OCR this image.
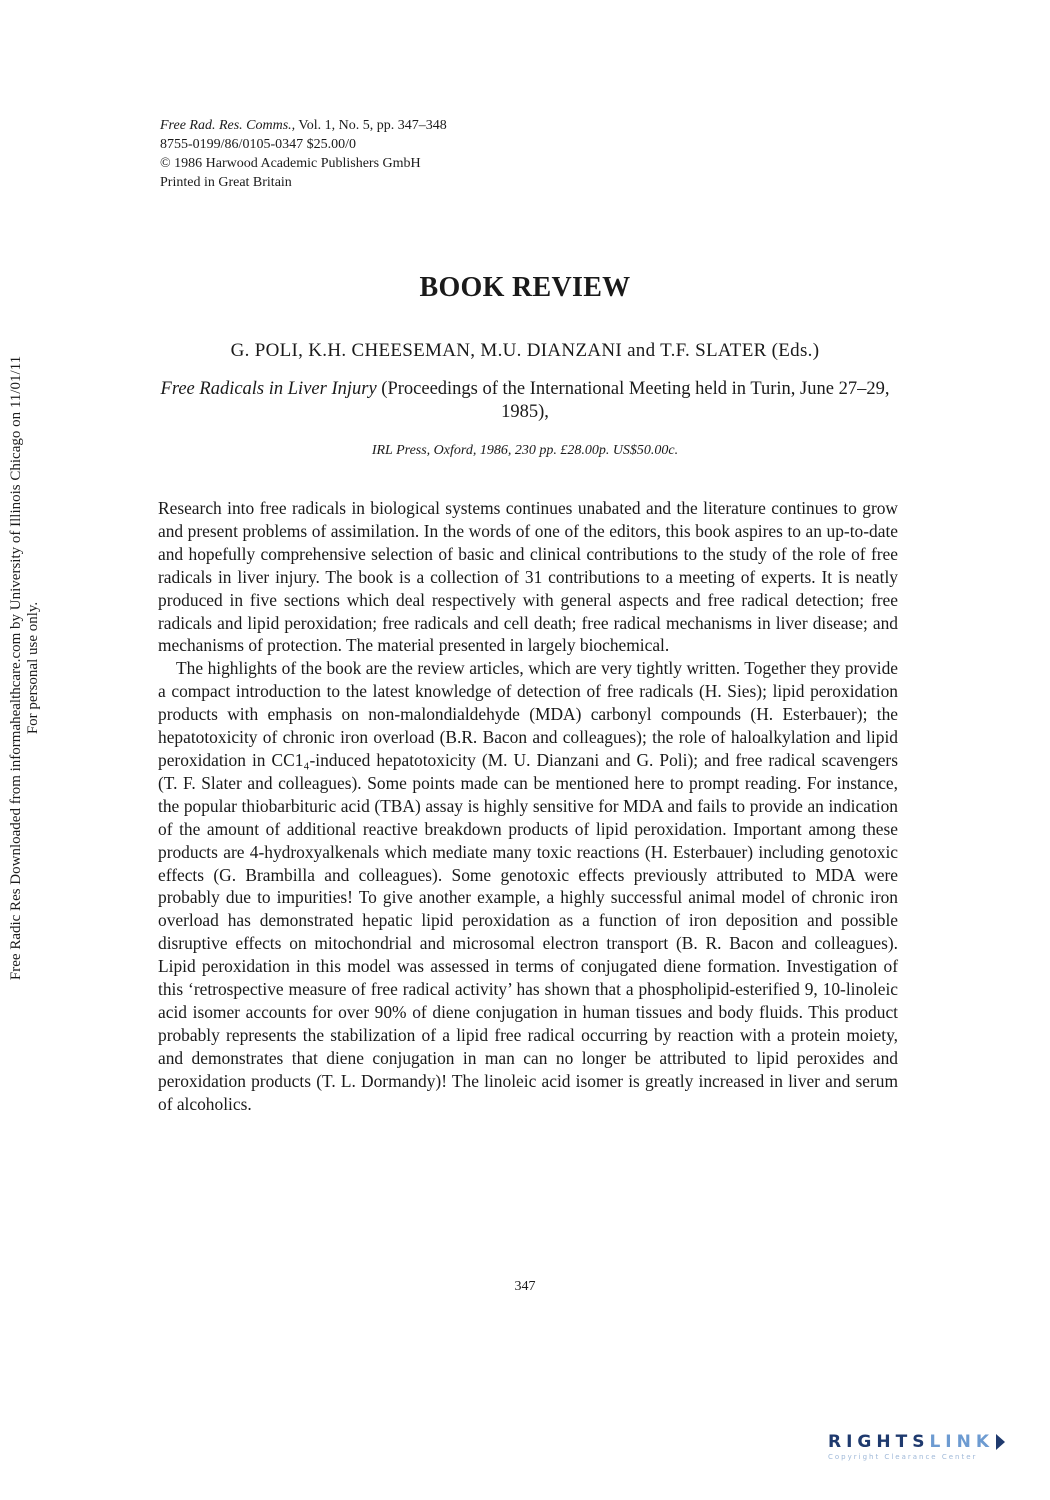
Free Rad. Res. Comms., Vol. 1, No. 5, pp. 347–348
8755-0199/86/0105-0347 $25.00/0
© 1986 Harwood Academic Publishers GmbH
Printed in Great Britain
Free Radic Res Downloaded from informahealthcare.com by University of Illinois Chicago on 11/01/11 For personal use only.
BOOK REVIEW
G. POLI, K.H. CHEESEMAN, M.U. DIANZANI and T.F. SLATER (Eds.)
Free Radicals in Liver Injury (Proceedings of the International Meeting held in Turin, June 27–29, 1985),
IRL Press, Oxford, 1986, 230 pp. £28.00p. US$50.00c.

Research into free radicals in biological systems continues unabated and the literature continues to grow and present problems of assimilation. In the words of one of the editors, this book aspires to an up-to-date and hopefully comprehensive selection of basic and clinical contributions to the study of the role of free radicals in liver injury. The book is a collection of 31 contributions to a meeting of experts. It is neatly produced in five sections which deal respectively with general aspects and free radical detection; free radicals and lipid peroxidation; free radicals and cell death; free radical mechanisms in liver disease; and mechanisms of protection. The material presented in largely biochemical.

The highlights of the book are the review articles, which are very tightly written. Together they provide a compact introduction to the latest knowledge of detection of free radicals (H. Sies); lipid peroxidation products with emphasis on non-malondialdehyde (MDA) carbonyl compounds (H. Esterbauer); the hepatotoxicity of chronic iron overload (B.R. Bacon and colleagues); the role of haloalkylation and lipid peroxidation in CC1₄-induced hepatotoxicity (M. U. Dianzani and G. Poli); and free radical scavengers (T. F. Slater and colleagues). Some points made can be mentioned here to prompt reading. For instance, the popular thiobarbituric acid (TBA) assay is highly sensitive for MDA and fails to provide an indication of the amount of additional reactive breakdown products of lipid peroxidation. Important among these products are 4-hydroxyalkenals which mediate many toxic reactions (H. Esterbauer) including genotoxic effects (G. Brambilla and colleagues). Some genotoxic effects previously attributed to MDA were probably due to impurities! To give another example, a highly successful animal model of chronic iron overload has demonstrated hepatic lipid peroxidation as a function of iron deposition and possible disruptive effects on mitochondrial and microsomal electron transport (B. R. Bacon and colleagues). Lipid peroxidation in this model was assessed in terms of conjugated diene formation. Investigation of this ‘retrospective measure of free radical activity’ has shown that a phospholipid-esterified 9, 10-linoleic acid isomer accounts for over 90% of diene conjugation in human tissues and body fluids. This product probably represents the stabilization of a lipid free radical occurring by reaction with a protein moiety, and demonstrates that diene conjugation in man can no longer be attributed to lipid peroxides and peroxidation products (T. L. Dormandy)! The linoleic acid isomer is greatly increased in liver and serum of alcoholics.

347
RIGHTSLINK
Copyright Clearance Center
